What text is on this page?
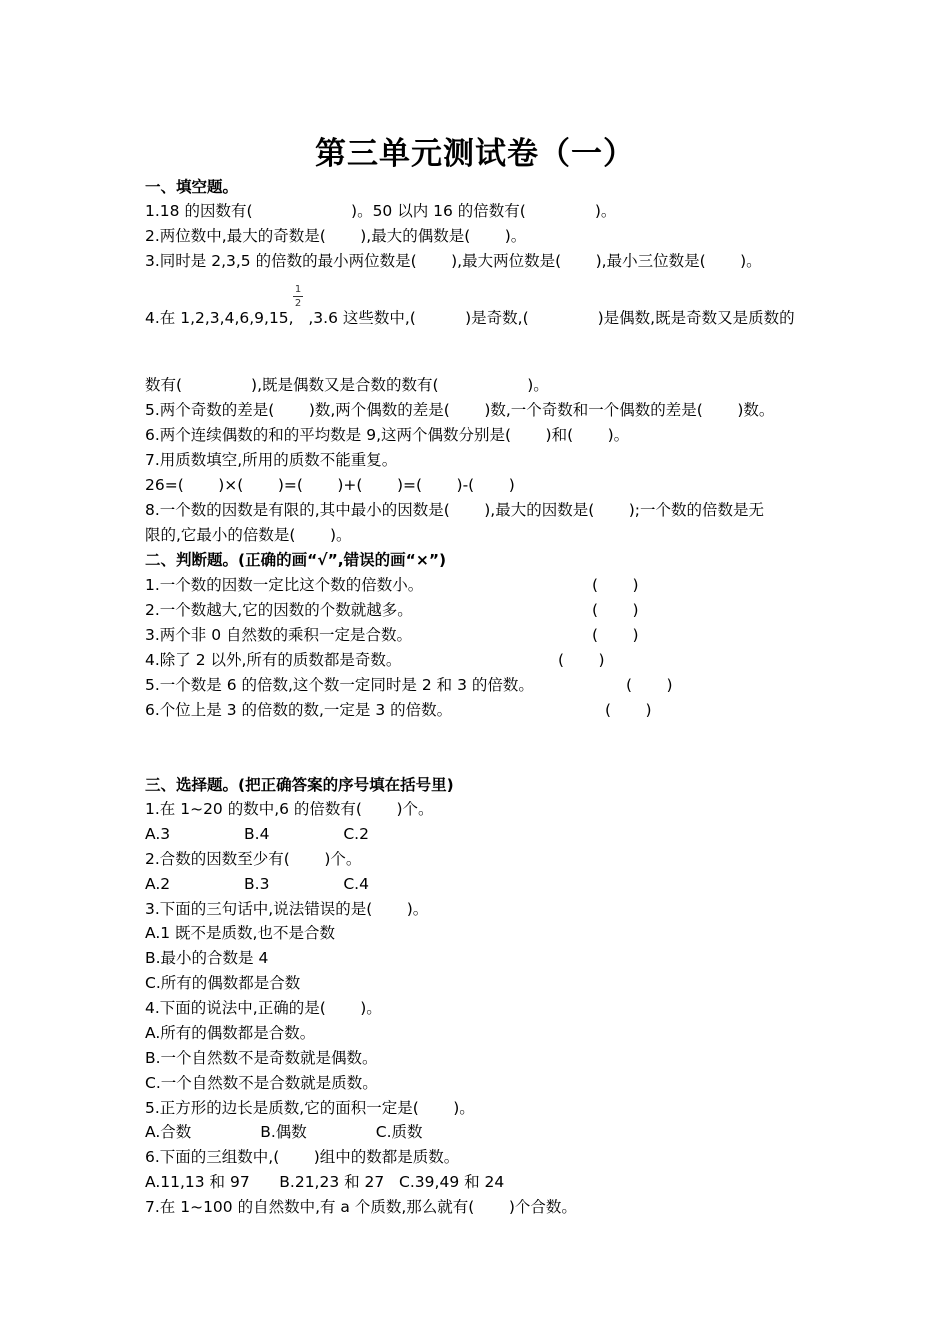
第三单元测试卷（一）
一、填空题。
1.18 的因数有(                    )。50 以内 16 的倍数有(              )。
2.两位数中,最大的奇数是(       ),最大的偶数是(       )。
3.同时是 2,3,5 的倍数的最小两位数是(       ),最大两位数是(       ),最小三位数是(       )。
1
2
4.在 1,2,3,4,6,9,15,   ,3.6 这些数中,(          )是奇数,(              )是偶数,既是奇数又是质数的
数有(              ),既是偶数又是合数的数有(                  )。
5.两个奇数的差是(       )数,两个偶数的差是(       )数,一个奇数和一个偶数的差是(       )数。
6.两个连续偶数的和的平均数是 9,这两个偶数分别是(       )和(       )。
7.用质数填空,所用的质数不能重复。
26=(       )×(       )=(       )+(       )=(       )-(       )
8.一个数的因数是有限的,其中最小的因数是(       ),最大的因数是(       );一个数的倍数是无
限的,它最小的倍数是(       )。
二、判断题。(正确的画“√”,错误的画“×”)
1.一个数的因数一定比这个数的倍数小。	(       )
2.一个数越大,它的因数的个数就越多。	(       )
3.两个非 0 自然数的乘积一定是合数。	(       )
4.除了 2 以外,所有的质数都是奇数。	(       )
5.一个数是 6 的倍数,这个数一定同时是 2 和 3 的倍数。	(       )
6.个位上是 3 的倍数的数,一定是 3 的倍数。	(       )
三、选择题。(把正确答案的序号填在括号里)
1.在 1~20 的数中,6 的倍数有(       )个。
A.3               B.4               C.2
2.合数的因数至少有(       )个。
A.2               B.3               C.4
3.下面的三句话中,说法错误的是(       )。
A.1 既不是质数,也不是合数
B.最小的合数是 4
C.所有的偶数都是合数
4.下面的说法中,正确的是(       )。
A.所有的偶数都是合数。
B.一个自然数不是奇数就是偶数。
C.一个自然数不是合数就是质数。
5.正方形的边长是质数,它的面积一定是(       )。
A.合数              B.偶数              C.质数
6.下面的三组数中,(       )组中的数都是质数。
A.11,13 和 97      B.21,23 和 27   C.39,49 和 24
7.在 1~100 的自然数中,有 a 个质数,那么就有(       )个合数。
